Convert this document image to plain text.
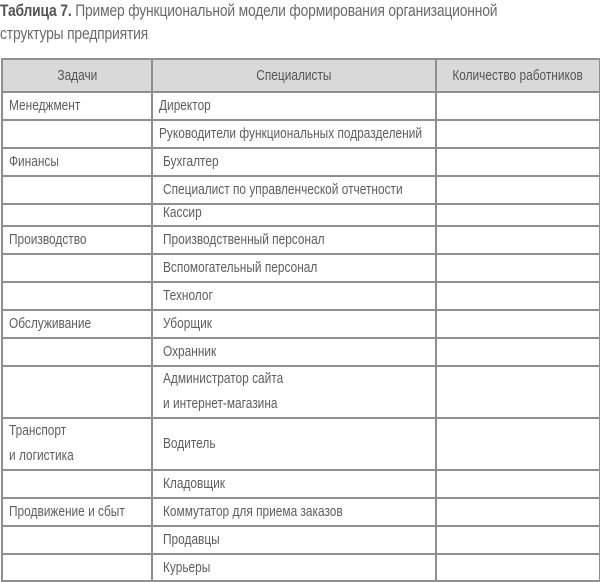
Таблица 7. Пример функциональной модели формирования организационной
структуры предприятия
Задачи	Специалисты	Количество работников

Менеджмент	Директор	

	Руководители функциональных подразделений	

Финансы	Бухгалтер	

	Специалист по управленческой отчетности	

	Кассир	

Производство	Производственный персонал	

	Вспомогательный персонал	

	Технолог	

Обслуживание	Уборщик	

	Охранник	

	Администратор сайта
и интернет-магазина	

Транспорт
и логистика	Водитель	

	Кладовщик	

Продвижение и сбыт	Коммутатор для приема заказов	

	Продавцы	

	Курьеры	
